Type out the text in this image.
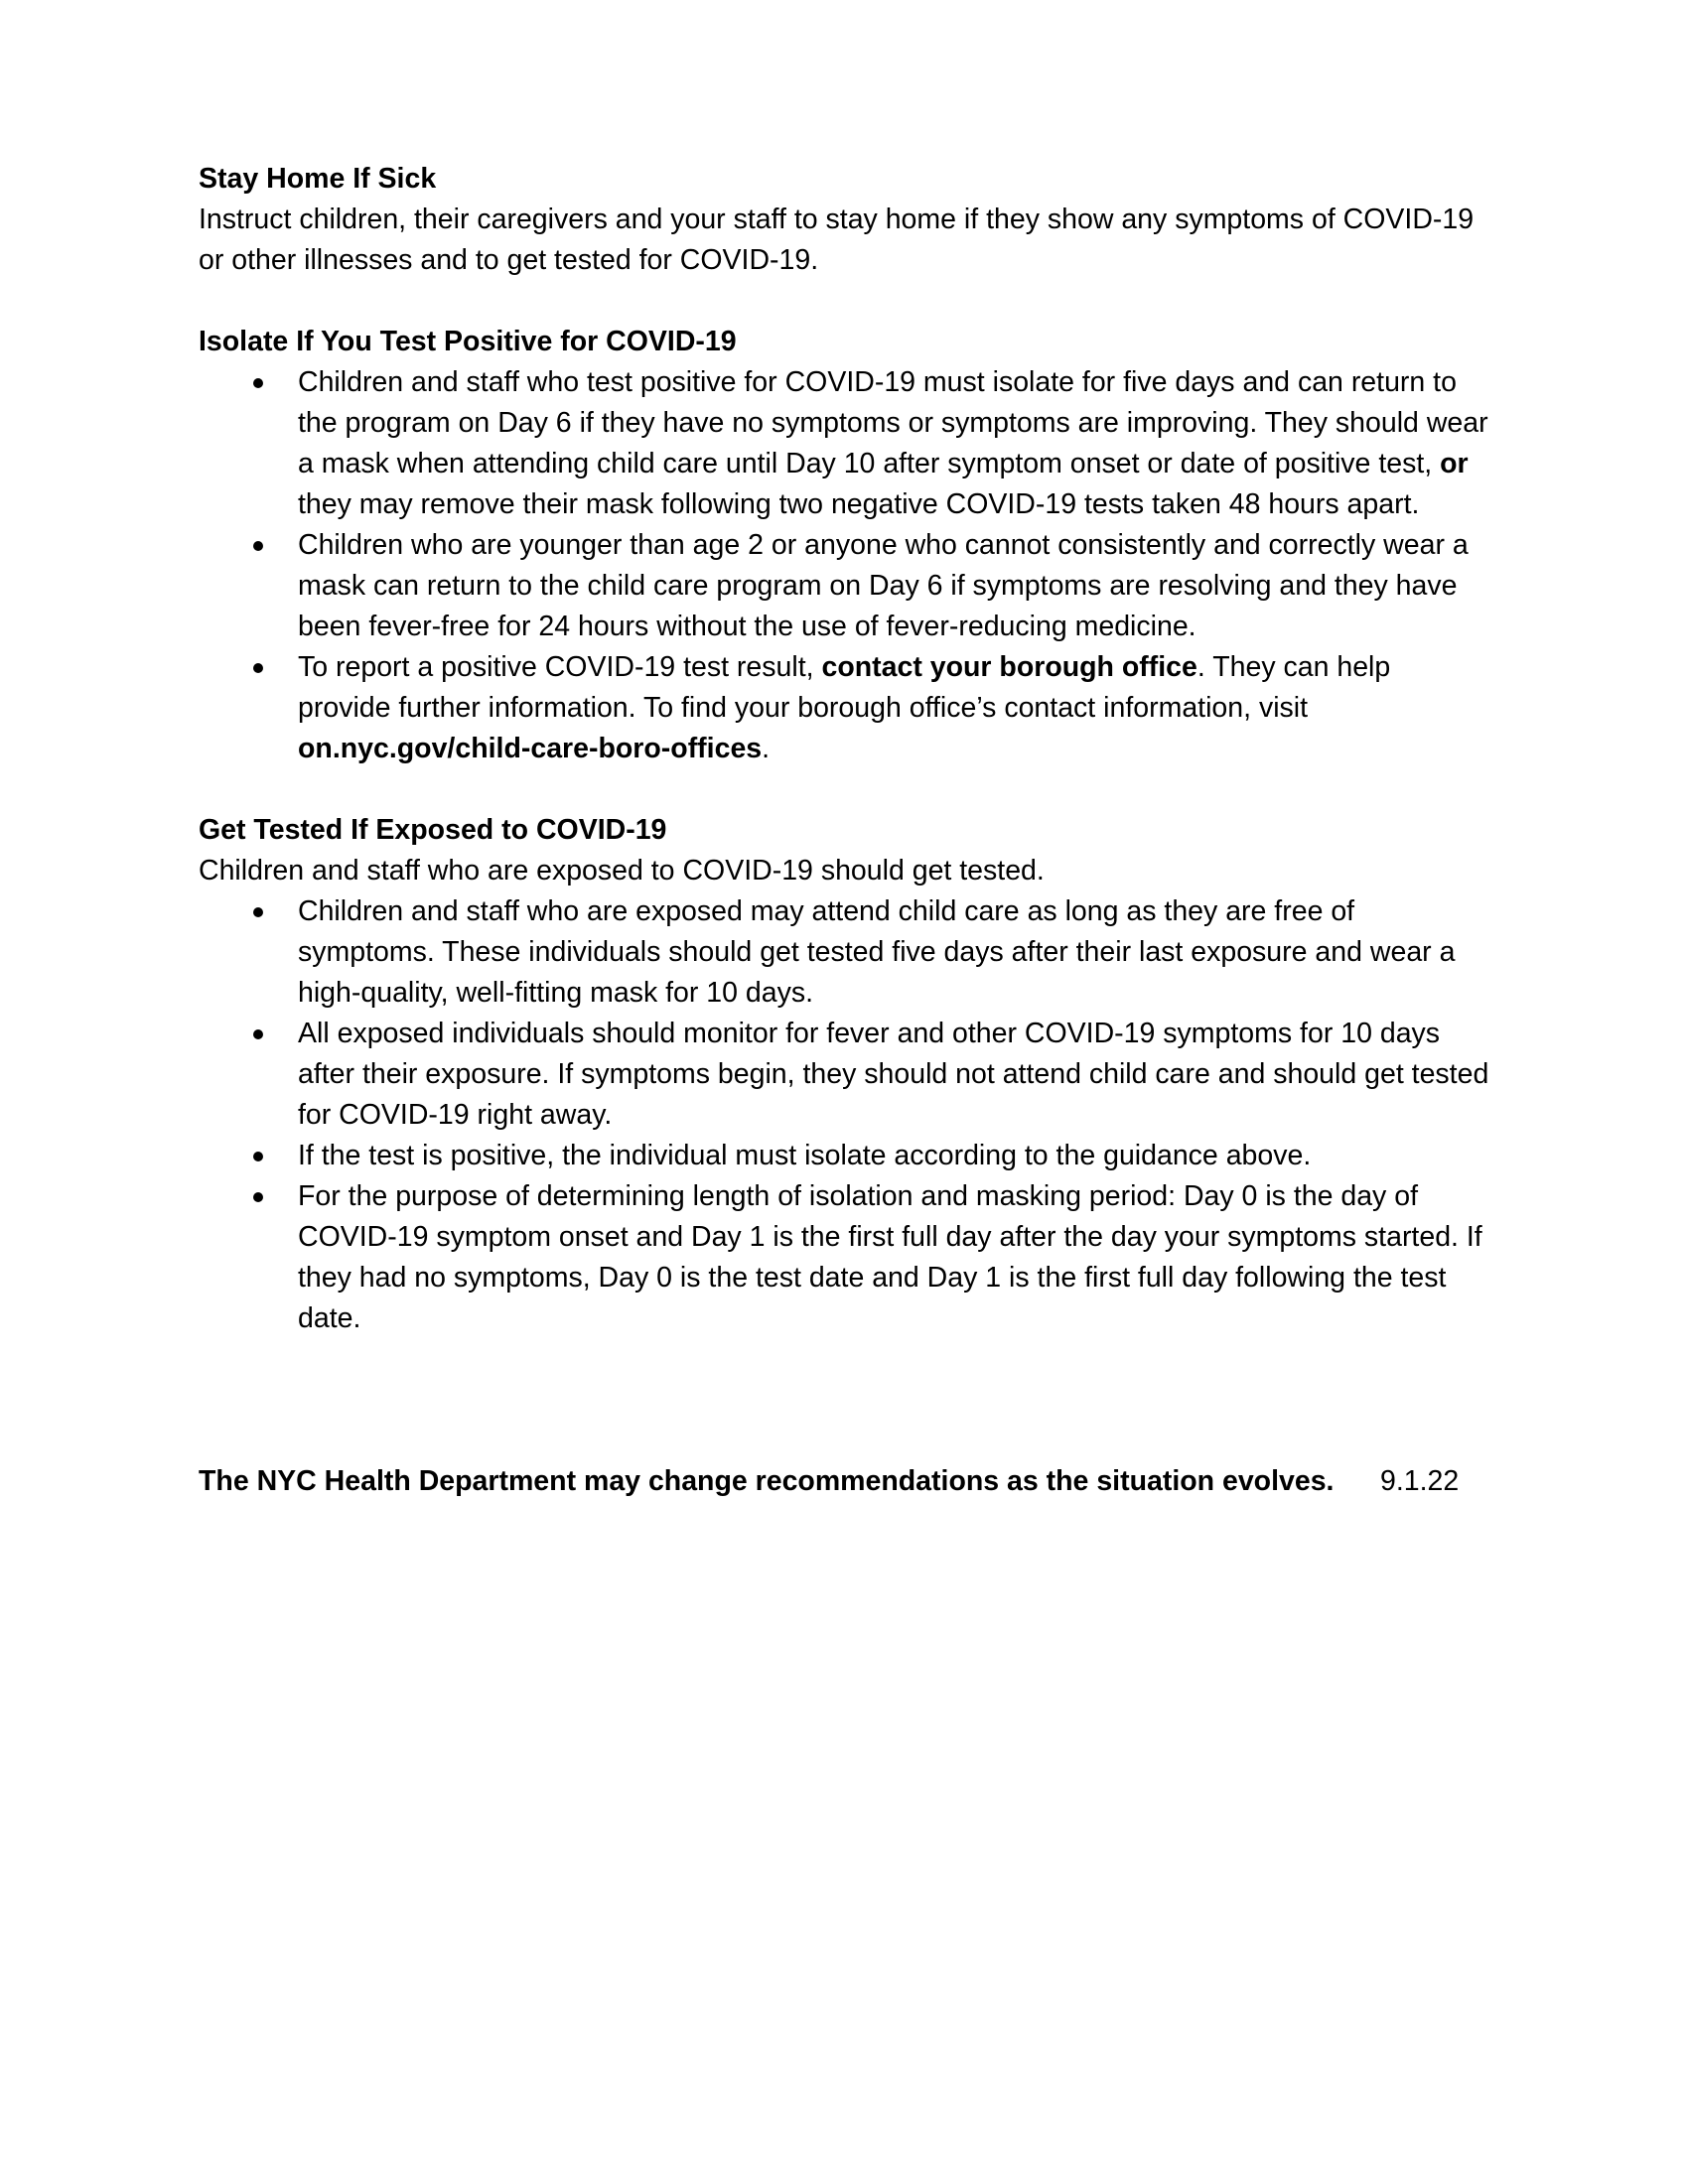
Stay Home If Sick

Instruct children, their caregivers and your staff to stay home if they show any symptoms of COVID-19 or other illnesses and to get tested for COVID-19.

Isolate If You Test Positive for COVID-19

Children and staff who test positive for COVID-19 must isolate for five days and can return to the program on Day 6 if they have no symptoms or symptoms are improving. They should wear a mask when attending child care until Day 10 after symptom onset or date of positive test, or they may remove their mask following two negative COVID-19 tests taken 48 hours apart.
Children who are younger than age 2 or anyone who cannot consistently and correctly wear a mask can return to the child care program on Day 6 if symptoms are resolving and they have been fever-free for 24 hours without the use of fever-reducing medicine.
To report a positive COVID-19 test result, contact your borough office. They can help provide further information. To find your borough office’s contact information, visit on.nyc.gov/child-care-boro-offices.

Get Tested If Exposed to COVID-19

Children and staff who are exposed to COVID-19 should get tested.

Children and staff who are exposed may attend child care as long as they are free of symptoms. These individuals should get tested five days after their last exposure and wear a high-quality, well-fitting mask for 10 days.
All exposed individuals should monitor for fever and other COVID-19 symptoms for 10 days after their exposure. If symptoms begin, they should not attend child care and should get tested for COVID-19 right away.
If the test is positive, the individual must isolate according to the guidance above.
For the purpose of determining length of isolation and masking period: Day 0 is the day of COVID-19 symptom onset and Day 1 is the first full day after the day your symptoms started. If they had no symptoms, Day 0 is the test date and Day 1 is the first full day following the test date.
The NYC Health Department may change recommendations as the situation evolves. 9.1.22
